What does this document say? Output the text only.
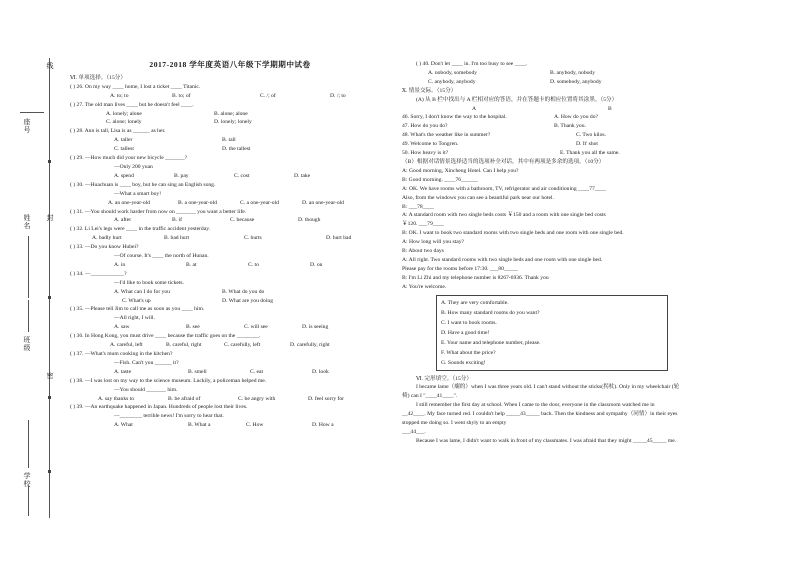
线
座号
封
姓名
班级
密
学校
2017-2018 学年度英语八年级下学期期中试卷
Ⅵ. 单项选择。（15分）
( ) 26. On my way ____ home, I lost a ticket ____ Titanic.
A. to; to	B. to; of	C. /; of	D. /; to
( ) 27. The old man lives ____ but he doesn't feel ____.
A. lonely; alone	B. alone; alone
C. alone; lonely	D. lonely; lonely
( ) 28. Ann is tall, Lisa is as ______ as her.
A. taller	B. tall
C. tallest	D. the tallest
( ) 29. —How much did your new bicycle _______?
—Only 200 yuan
A. spend	B. pay	C. cost	D. take
( ) 30. —Huachuan is ____ boy, but he can sing an English song.
—What a smart boy!
A. an one-year-old	B. a one-year-old	C. a one-year-old	D. an one-year-old
( ) 31. —You should work harder from now on _______ you want a better life.
A. after	B. if	C. because	D. though
( ) 32. Li Lei's legs were ____ in the traffic accident yesterday.
A. badly hurt	B. bad hurt	C. hurts	D. hurt bad
( ) 33. —Do you know Hubei?
—Of course. It's ____ the north of Hunan.
A. in	B. at	C. to	D. on
( ) 34. —____________?
—I'd like to book some tickets.
A. What can I do for you	B. What do you do
C. What's up	D. What are you doing
( ) 35. —Please tell Jim to call me as soon as you ____ him.
—All right, I will.
A. saw	B. see	C. will see	D. is seeing
( ) 36. In Hong Kong, you must drive ____ because the traffic goes on the ________.
A. careful, left	B. careful, right	C. carefully, left	D. carefully, right
( ) 37. —What's mum cooking in the kitchen?
—Fish. Can't you ______ it?
A. taste	B. smell	C. eat	D. look
( ) 38. —I was lost on my way to the science museum. Luckily, a policeman helped me.
—You should _______ him.
A. say thanks to	B. be afraid of	C. be angry with	D. feel sorry for
( ) 39. —An earthquake happened in Japan. Hundreds of people lost their lives.
—________ terrible news! I'm sorry to hear that.
A. What	B. What a	C. How	D. How a
( ) 40. Don't let ____ in. I'm too busy to see ____.
A. nobody, somebody	B. anybody, nobody
C. anybody, anybody	D. somebody, anybody
Ⅹ. 情景交际。（15分）
(A) 从 B 栏中找出与 A 栏相对应的答语，并在答题卡的相应位置将其涂黑。（5分）
A	B
46. Sorry, I don't know the way to the hospital.	A. How do you do?
47. How do you do?	B. Thank you.
48. What's the weather like in summer?	C. Two kilos.
49. Welcome to Tongren.	D. It' shot
50. How heavy is it?	E. Thank you all the same.
（B）根据对话情景选择适当的选项补全对话，其中有两项是多余的选项。（10分）
A: Good morning, Xincheng Hotel. Can I help you?
B: Good morning. ____76______
A: OK. We have rooms with a bathroom, TV, refrigerator and air conditioning ____77____
Also, from the windows you can see a beautiful park near our hotel.
B: ___78____
A: A standard room with two single beds costs ￥150 and a room with one single bed costs
￥120. ___79____
B: OK. I want to book two standard rooms with two single beds and one room with one single bed.
A: How long will you stay?
B: About two days
A: All right. Two standard rooms with two single beds and one room with one single bed.
Please pay for the rooms before 17:30. ___80_____
B: I'm Li Zhi and my telephone number is 8267-6936. Thank you
A: You're welcome.
A. They are very comfortable.
B. How many standard rooms do you want?
C. I want to book rooms.
D. Have a good time!
E. Your name and telephone number, please.
F. What about the price?
G. Sounds exciting!
Ⅵ. 完形填空。（15分）
I became lame（瘸的）when I was three years old. I can't stand without the sticks(拐杖). Only in my wheelchair (轮
椅) can I "____41____".
I still remember the first day at school. When I came to the door, everyone in the classroom watched me in
__42____. My face turned red. I couldn't help _____43_____ back. Then the kindness and sympathy（同情）in their eyes
stopped me doing so. I went shyly to an empty
___44___.
Because I was lame, I didn't want to walk in front of my classmates. I was afraid that they might _____45_____ me.
